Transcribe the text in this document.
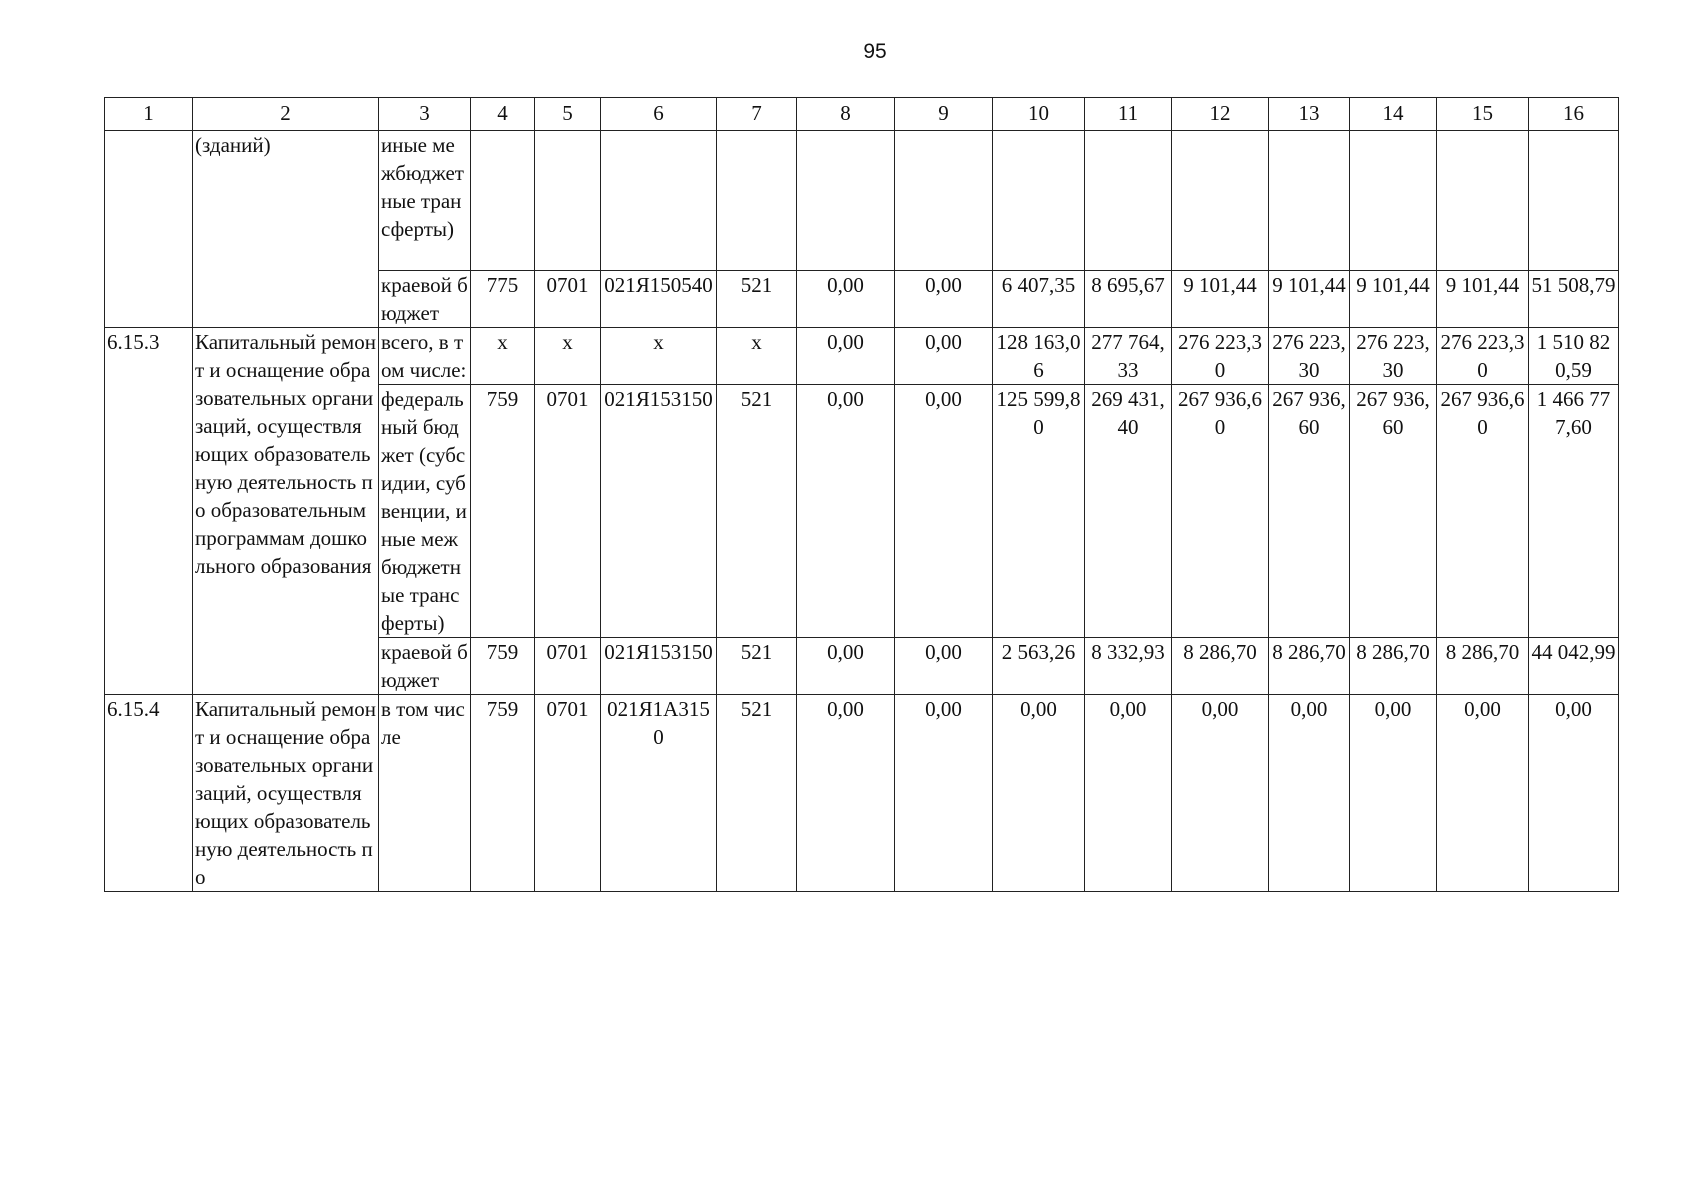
95
1	2	3	4	5	6	7	8	9	10	11	12	13	14	15	16
	(зданий)	иные межбюджетные трансферты)													
		краевой бюджет	775	0701	021Я150540	521	0,00	0,00	6 407,35	8 695,67	9 101,44	9 101,44	9 101,44	9 101,44	51 508,79
6.15.3	Капитальный ремонт и оснащение образовательных организаций, осуществляющих образовательную деятельность по образовательным программам дошкольного образования	всего, в том числе:	х	х	х	х	0,00	0,00	128 163,06	277 764,33	276 223,30	276 223,30	276 223,30	276 223,30	1 510 820,59
		федеральный бюджет (субсидии, субвенции, иные межбюджетные трансферты)	759	0701	021Я153150	521	0,00	0,00	125 599,80	269 431,40	267 936,60	267 936,60	267 936,60	267 936,60	1 466 777,60
		краевой бюджет	759	0701	021Я153150	521	0,00	0,00	2 563,26	8 332,93	8 286,70	8 286,70	8 286,70	8 286,70	44 042,99
6.15.4	Капитальный ремонт и оснащение образовательных организаций, осуществляющих образовательную деятельность по	в том числе	759	0701	021Я1А3150	521	0,00	0,00	0,00	0,00	0,00	0,00	0,00	0,00	0,00
